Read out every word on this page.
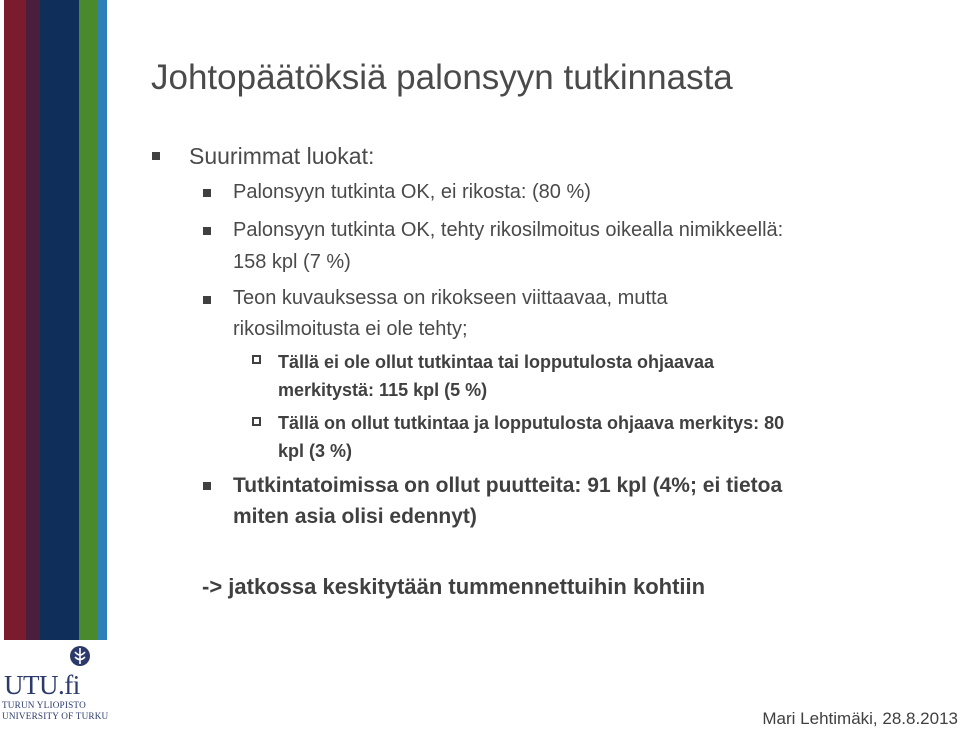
UTU.fi
TURUN YLIOPISTO
UNIVERSITY OF TURKU
Johtopäätöksiä palonsyyn tutkinnasta
Suurimmat luokat:
Palonsyyn tutkinta OK, ei rikosta: (80 %)
Palonsyyn tutkinta OK, tehty rikosilmoitus oikealla nimikkeellä:
158 kpl (7 %)
Teon kuvauksessa on rikokseen viittaavaa, mutta
rikosilmoitusta ei ole tehty;
Tällä ei ole ollut tutkintaa tai lopputulosta ohjaavaa
merkitystä: 115 kpl (5 %)
Tällä on ollut tutkintaa ja lopputulosta ohjaava merkitys: 80
kpl (3 %)
Tutkintatoimissa on ollut puutteita: 91 kpl (4%; ei tietoa
miten asia olisi edennyt)
-> jatkossa keskitytään tummennettuihin kohtiin
Mari Lehtimäki, 28.8.2013
